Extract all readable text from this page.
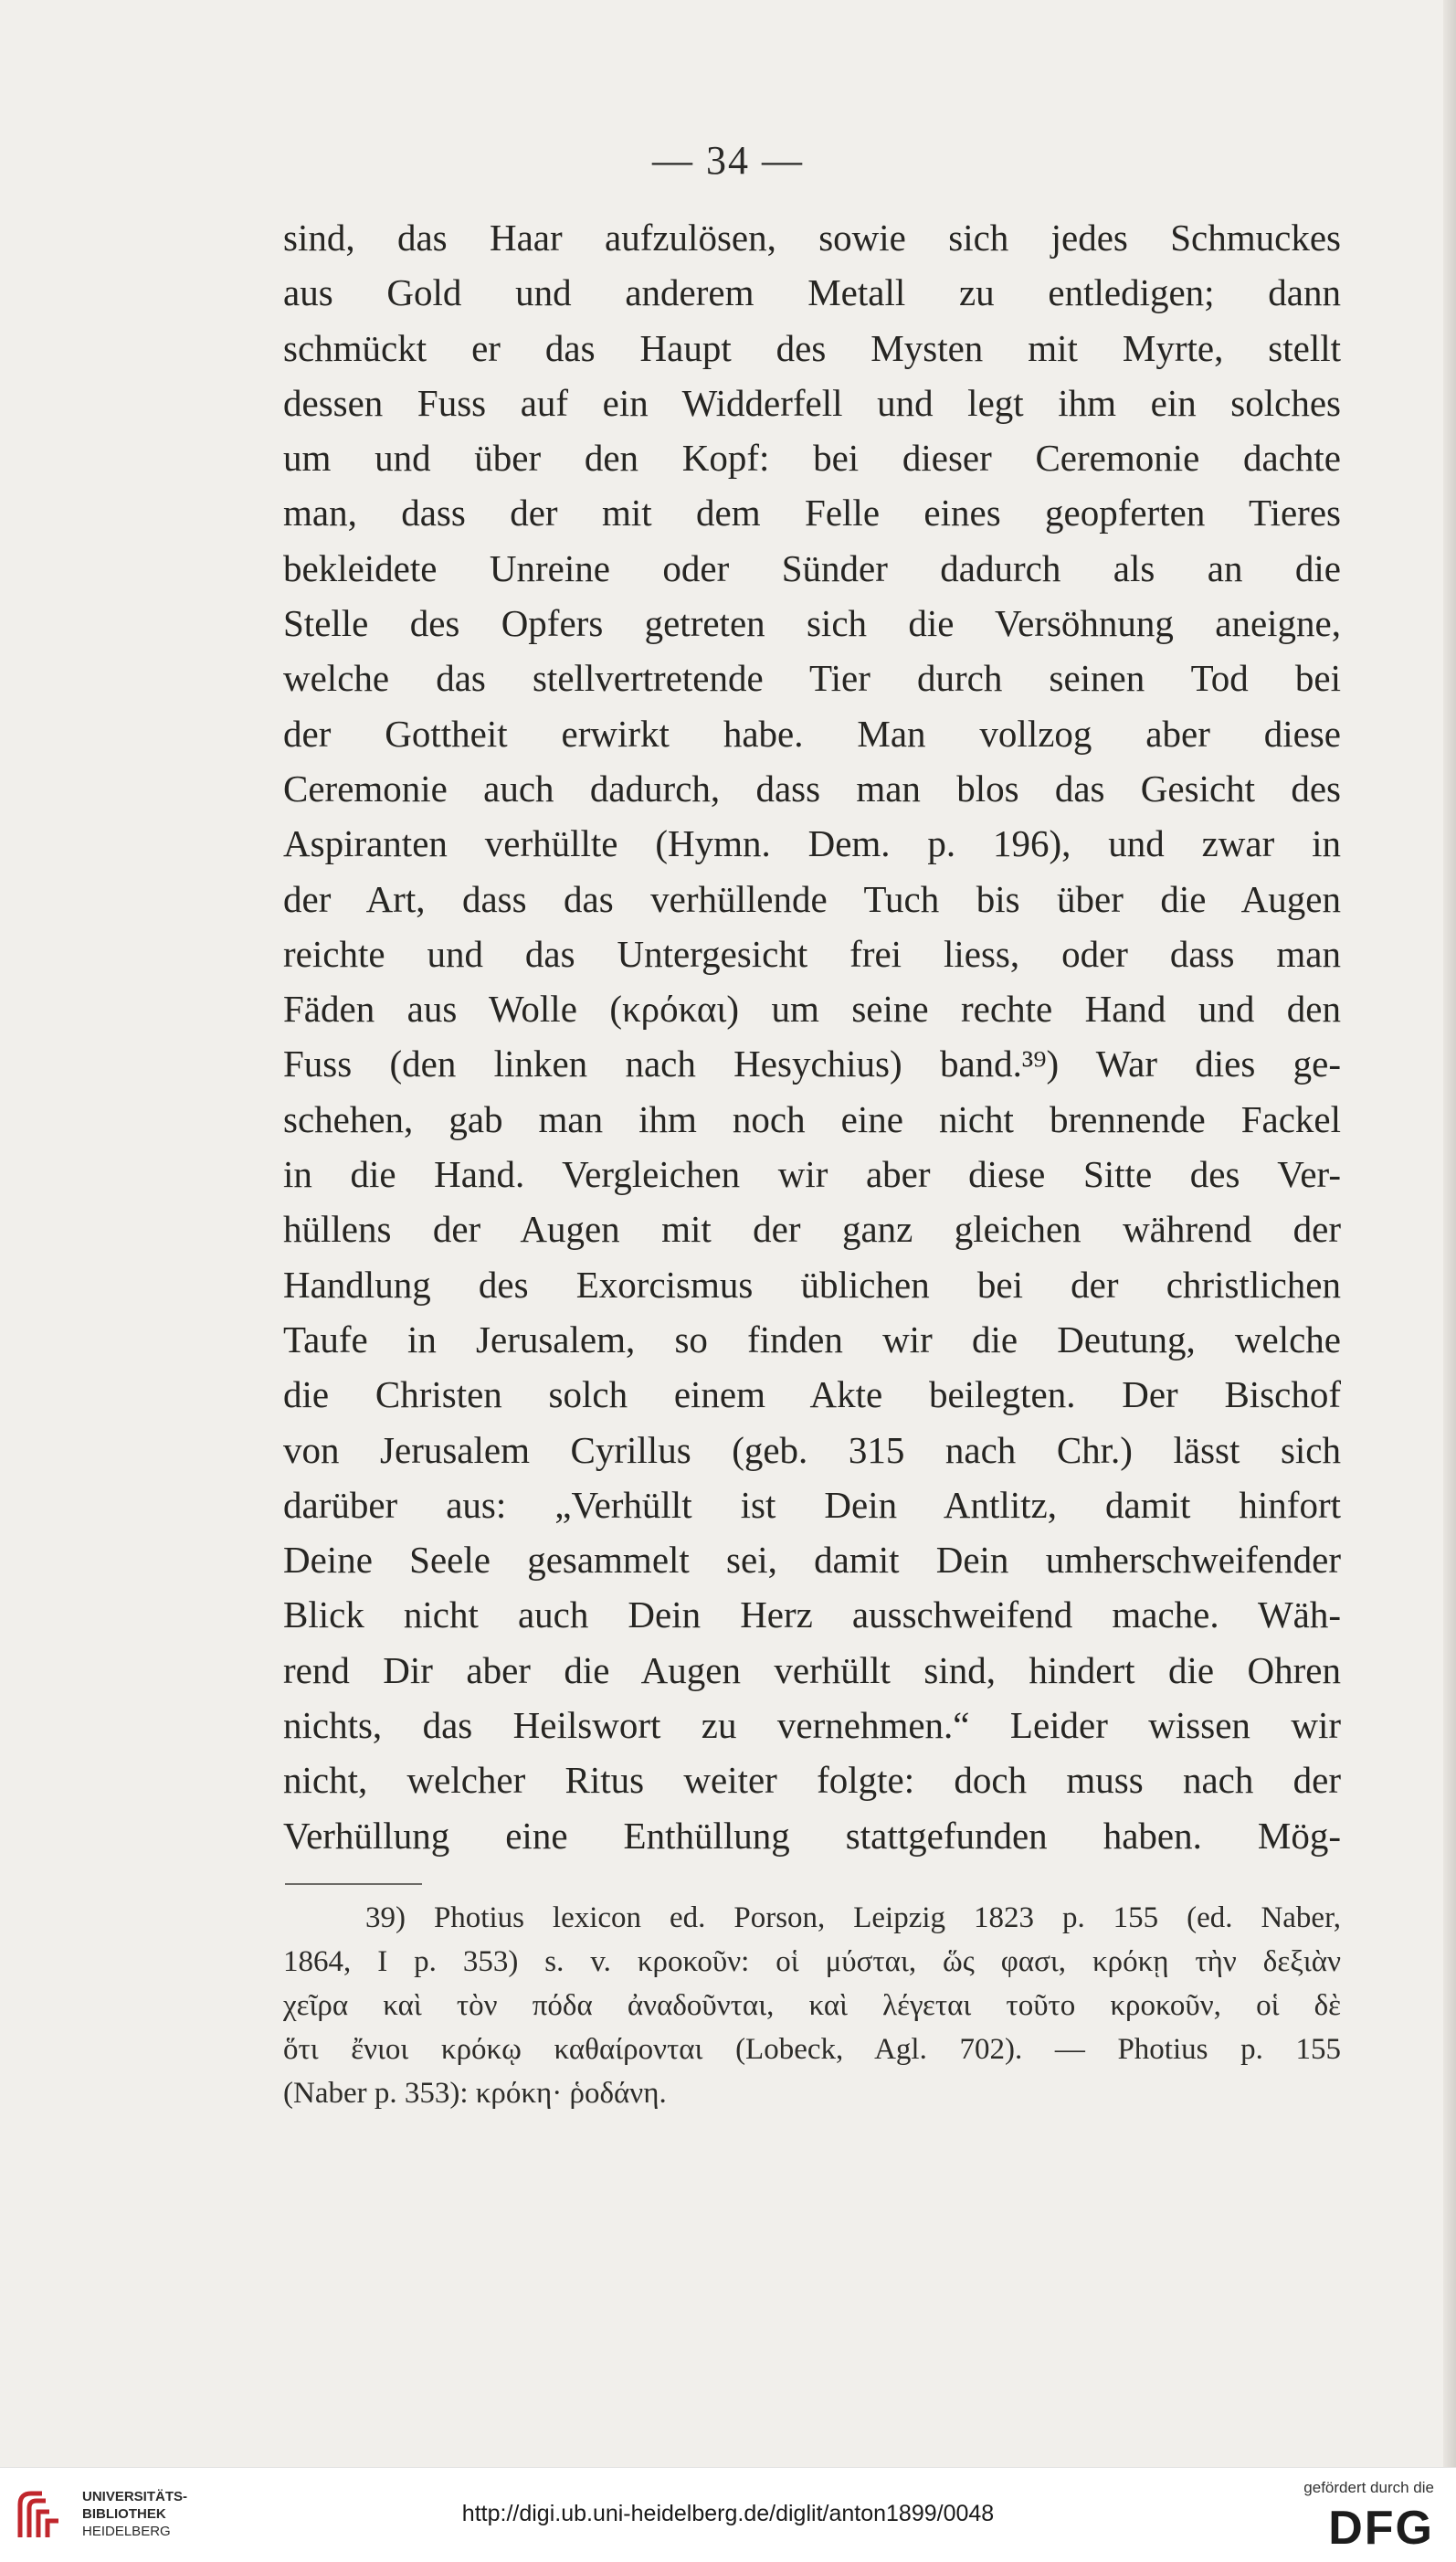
— 34 —
sind, das Haar aufzulösen, sowie sich jedes Schmuckes
aus Gold und anderem Metall zu entledigen; dann
schmückt er das Haupt des Mysten mit Myrte, stellt
dessen Fuss auf ein Widderfell und legt ihm ein solches
um und über den Kopf: bei dieser Ceremonie dachte
man, dass der mit dem Felle eines geopferten Tieres
bekleidete Unreine oder Sünder dadurch als an die
Stelle des Opfers getreten sich die Versöhnung aneigne,
welche das stellvertretende Tier durch seinen Tod bei
der Gottheit erwirkt habe. Man vollzog aber diese
Ceremonie auch dadurch, dass man blos das Gesicht des
Aspiranten verhüllte (Hymn. Dem. p. 196), und zwar in
der Art, dass das verhüllende Tuch bis über die Augen
reichte und das Untergesicht frei liess, oder dass man
Fäden aus Wolle (κρόκαι) um seine rechte Hand und den
Fuss (den linken nach Hesychius) band.³⁹) War dies ge-
schehen, gab man ihm noch eine nicht brennende Fackel
in die Hand. Vergleichen wir aber diese Sitte des Ver-
hüllens der Augen mit der ganz gleichen während der
Handlung des Exorcismus üblichen bei der christlichen
Taufe in Jerusalem, so finden wir die Deutung, welche
die Christen solch einem Akte beilegten. Der Bischof
von Jerusalem Cyrillus (geb. 315 nach Chr.) lässt sich
darüber aus: „Verhüllt ist Dein Antlitz, damit hinfort
Deine Seele gesammelt sei, damit Dein umherschweifender
Blick nicht auch Dein Herz ausschweifend mache. Wäh-
rend Dir aber die Augen verhüllt sind, hindert die Ohren
nichts, das Heilswort zu vernehmen.“ Leider wissen wir
nicht, welcher Ritus weiter folgte: doch muss nach der
Verhüllung eine Enthüllung stattgefunden haben. Mög-
39) Photius lexicon ed. Porson, Leipzig 1823 p. 155 (ed. Naber,
1864, I p. 353) s. v. κροκοῦν: οἱ μύσται, ὥς φασι, κρόκῃ τὴν δεξιὰν
χεῖρα καὶ τὸν πόδα ἀναδοῦνται, καὶ λέγεται τοῦτο κροκοῦν, οἱ δὲ
ὅτι ἔνιοι κρόκῳ καθαίρονται (Lobeck, Agl. 702). — Photius p. 155
(Naber p. 353): κρόκη· ῥοδάνη.
UNIVERSITÄTS-
BIBLIOTHEK
HEIDELBERG
http://digi.ub.uni-heidelberg.de/diglit/anton1899/0048
gefördert durch die
DFG
